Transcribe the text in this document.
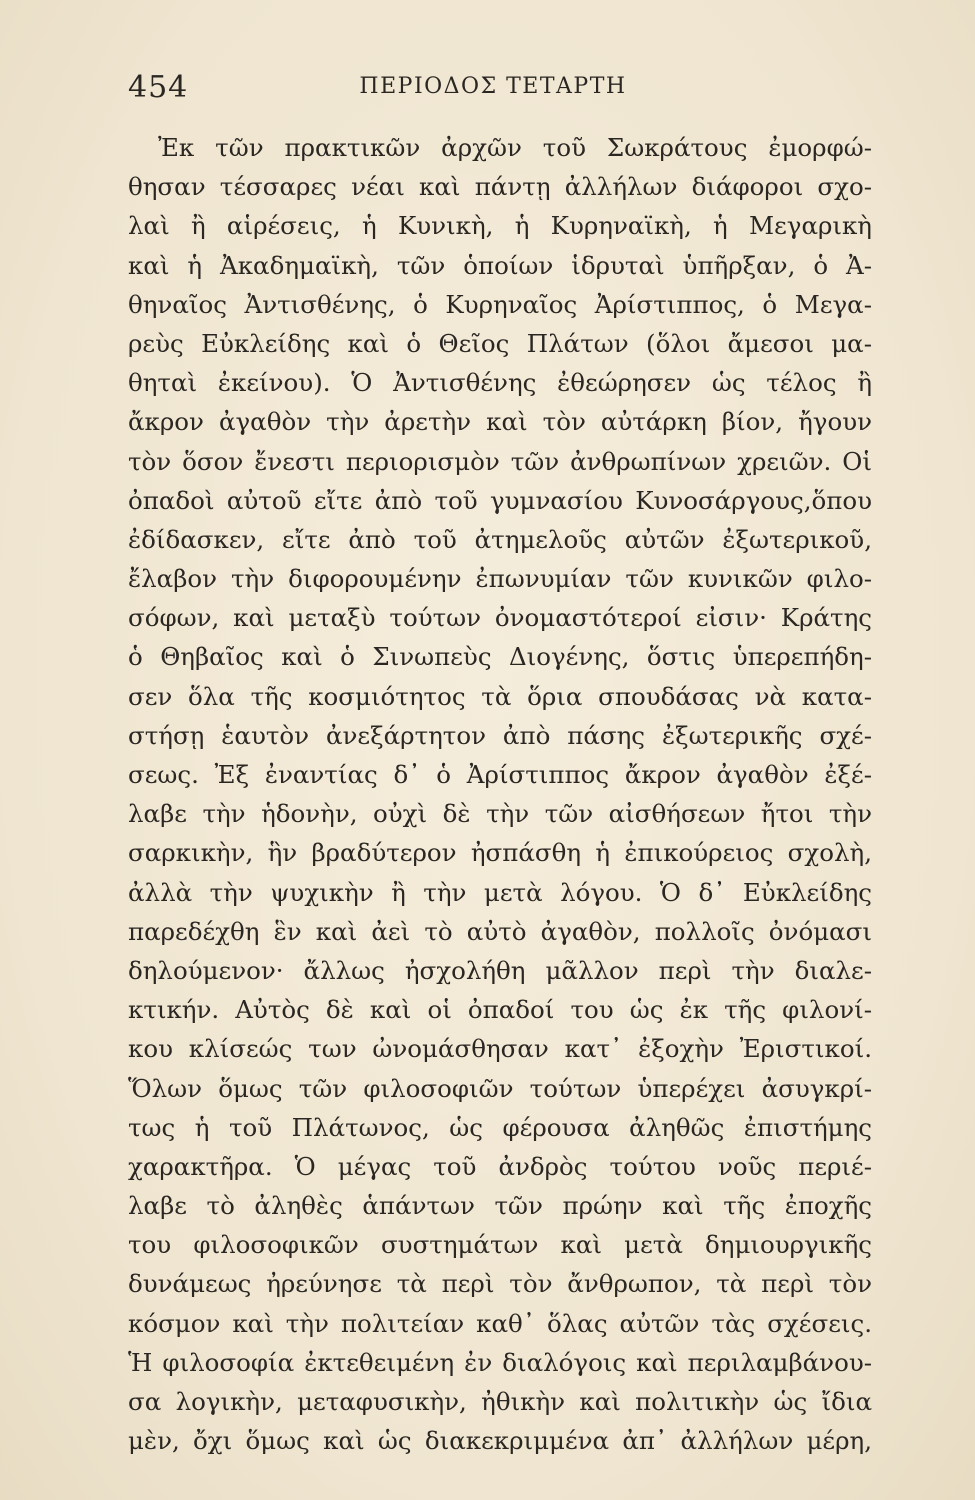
454	ΠΕΡΙΟΔΟΣ ΤΕΤΑΡΤΗ
Ἐκ τῶν πρακτικῶν ἀρχῶν τοῦ Σωκράτους ἐμορφώ-
θησαν τέσσαρες νέαι καὶ πάντῃ ἀλλήλων διάφοροι σχο-
λαὶ ἢ αἱρέσεις, ἡ Κυνικὴ, ἡ Κυρηναϊκὴ, ἡ Μεγαρικὴ
καὶ ἡ Ἀκαδημαϊκὴ, τῶν ὁποίων ἱδρυταὶ ὑπῆρξαν, ὁ Ἀ-
θηναῖος Ἀντισθένης, ὁ Κυρηναῖος Ἀρίστιππος, ὁ Μεγα-
ρεὺς Εὐκλείδης καὶ ὁ Θεῖος Πλάτων (ὅλοι ἄμεσοι μα-
θηταὶ ἐκείνου). Ὁ Ἀντισθένης ἐθεώρησεν ὡς τέλος ἢ
ἄκρον ἀγαθὸν τὴν ἀρετὴν καὶ τὸν αὐτάρκη βίον, ἤγουν
τὸν ὅσον ἔνεστι περιορισμὸν τῶν ἀνθρωπίνων χρειῶν. Οἱ
ὀπαδοὶ αὐτοῦ εἴτε ἀπὸ τοῦ γυμνασίου Κυνοσάργους,ὅπου
ἐδίδασκεν, εἴτε ἀπὸ τοῦ ἀτημελοῦς αὐτῶν ἐξωτερικοῦ,
ἔλαβον τὴν διφορουμένην ἐπωνυμίαν τῶν κυνικῶν φιλο-
σόφων, καὶ μεταξὺ τούτων ὀνομαστότεροί εἰσιν· Κράτης
ὁ Θηβαῖος καὶ ὁ Σινωπεὺς Διογένης, ὅστις ὑπερεπήδη-
σεν ὅλα τῆς κοσμιότητος τὰ ὅρια σπουδάσας νὰ κατα-
στήσῃ ἑαυτὸν ἀνεξάρτητον ἀπὸ πάσης ἐξωτερικῆς σχέ-
σεως. Ἐξ ἐναντίας δ᾽ ὁ Ἀρίστιππος ἄκρον ἀγαθὸν ἐξέ-
λαβε τὴν ἡδονὴν, οὐχὶ δὲ τὴν τῶν αἰσθήσεων ἤτοι τὴν
σαρκικὴν, ἣν βραδύτερον ἠσπάσθη ἡ ἐπικούρειος σχολὴ,
ἀλλὰ τὴν ψυχικὴν ἢ τὴν μετὰ λόγου. Ὁ δ᾽ Εὐκλείδης
παρεδέχθη ἓν καὶ ἀεὶ τὸ αὐτὸ ἀγαθὸν, πολλοῖς ὀνόμασι
δηλούμενον· ἄλλως ἠσχολήθη μᾶλλον περὶ τὴν διαλε-
κτικήν. Αὐτὸς δὲ καὶ οἱ ὀπαδοί του ὡς ἐκ τῆς φιλονί-
κου κλίσεώς των ὠνομάσθησαν κατ᾽ ἐξοχὴν Ἐριστικοί.
Ὅλων ὅμως τῶν φιλοσοφιῶν τούτων ὑπερέχει ἀσυγκρί-
τως ἡ τοῦ Πλάτωνος, ὡς φέρουσα ἀληθῶς ἐπιστήμης
χαρακτῆρα. Ὁ μέγας τοῦ ἀνδρὸς τούτου νοῦς περιέ-
λαβε τὸ ἀληθὲς ἁπάντων τῶν πρώην καὶ τῆς ἐποχῆς
του φιλοσοφικῶν συστημάτων καὶ μετὰ δημιουργικῆς
δυνάμεως ἠρεύνησε τὰ περὶ τὸν ἄνθρωπον, τὰ περὶ τὸν
κόσμον καὶ τὴν πολιτείαν καθ᾽ ὅλας αὐτῶν τὰς σχέσεις.
Ἡ φιλοσοφία ἐκτεθειμένη ἐν διαλόγοις καὶ περιλαμβάνου-
σα λογικὴν, μεταφυσικὴν, ἠθικὴν καὶ πολιτικὴν ὡς ἴδια
μὲν, ὄχι ὅμως καὶ ὡς διακεκριμμένα ἀπ᾽ ἀλλήλων μέρη,
